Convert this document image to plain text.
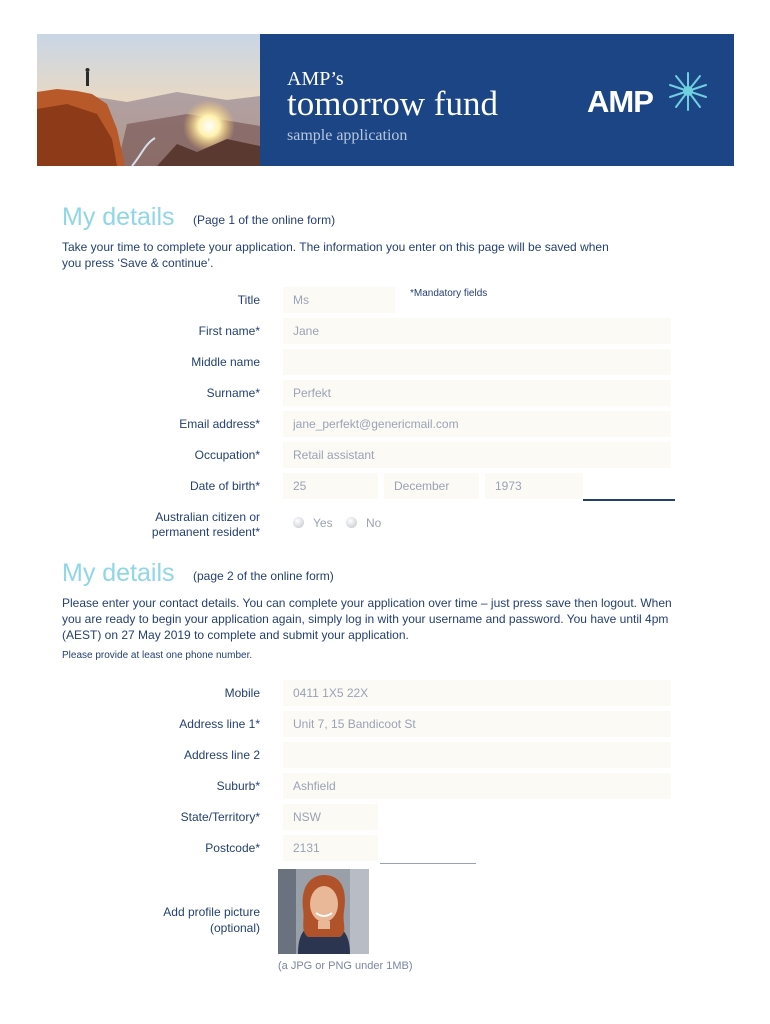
AMP’s
tomorrow fund
sample application
AMP
My details (Page 1 of the online form)
Take your time to complete your application. The information you enter on this page will be saved when you press ‘Save & continue’.
*Mandatory fields
Title
Ms
First name*
Jane
Middle name
Surname*
Perfekt
Email address*
jane_perfekt@genericmail.com
Occupation*
Retail assistant
Date of birth*
25
December
1973
Australian citizen or
permanent resident*
Yes	No
My details (page 2 of the online form)
Please enter your contact details. You can complete your application over time – just press save then logout. When you are ready to begin your application again, simply log in with your username and password. You have until 4pm (AEST) on 27 May 2019 to complete and submit your application.
Please provide at least one phone number.
Mobile
0411 1X5 22X
Address line 1*
Unit 7, 15 Bandicoot St
Address line 2
Suburb*
Ashfield
State/Territory*
NSW
Postcode*
2131
Add profile picture
(optional)
(a JPG or PNG under 1MB)
